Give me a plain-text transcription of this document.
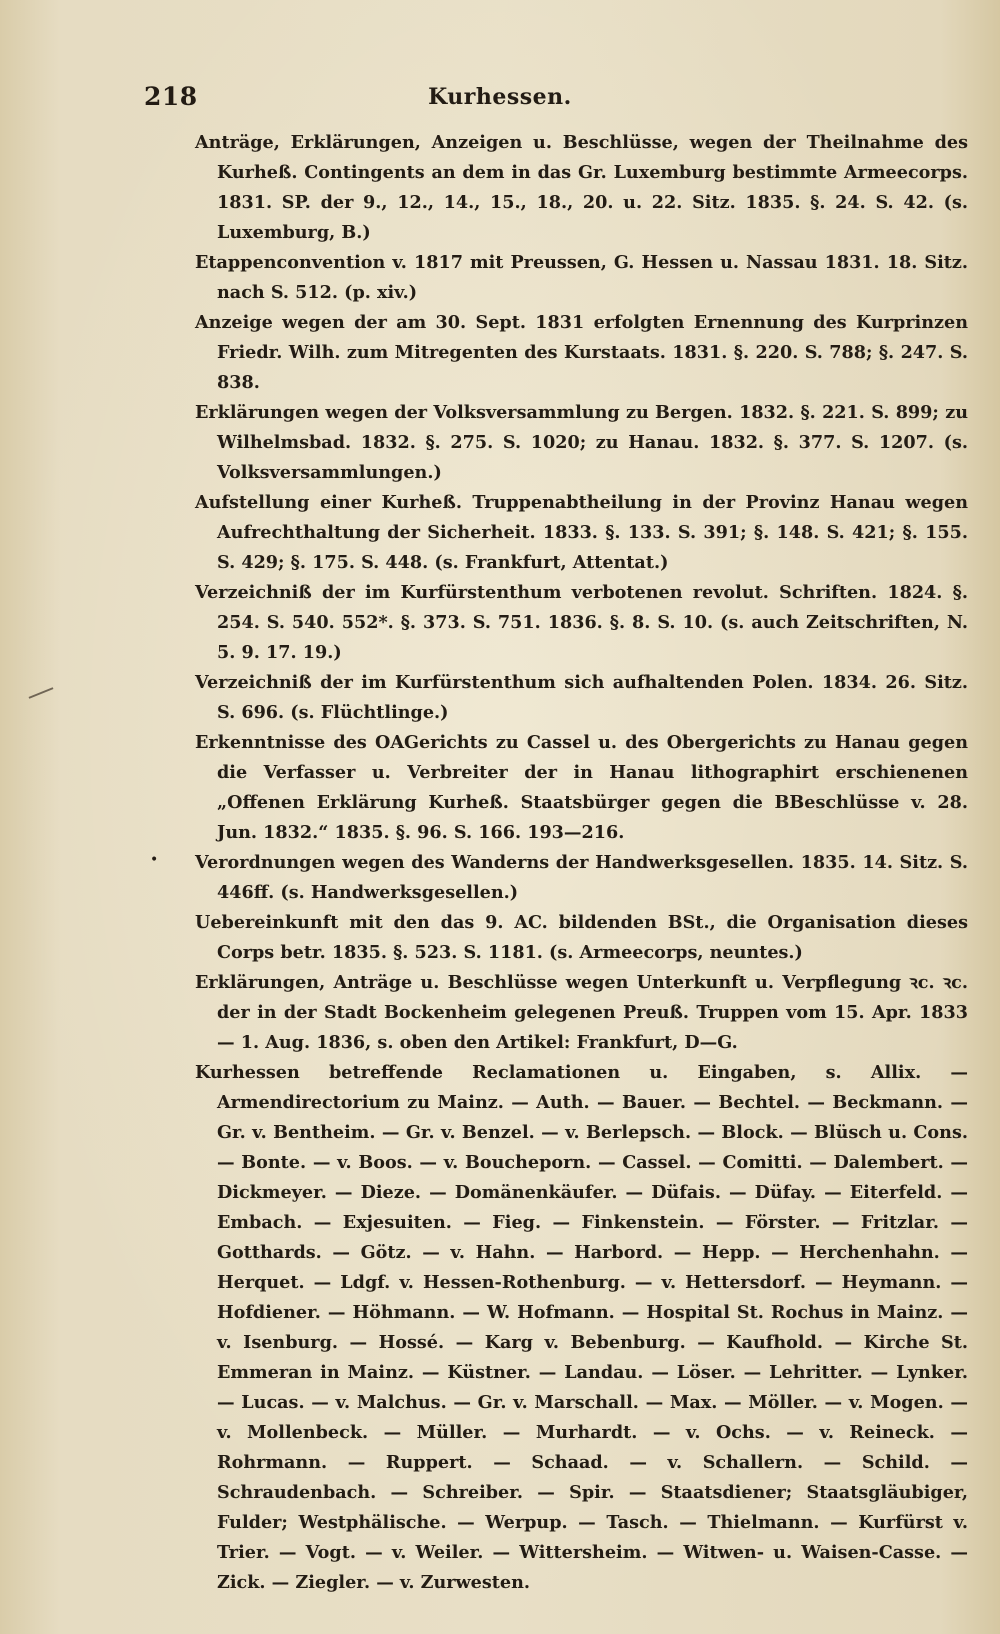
218	Kurhessen.
•

Anträge, Erklärungen, Anzeigen u. Beschlüsse, wegen der Theilnahme des Kurheß. Contingents an dem in das Gr. Luxemburg bestimmte Armeecorps. 1831. SP. der 9., 12., 14., 15., 18., 20. u. 22. Sitz. 1835. §. 24. S. 42. (s. Luxemburg, B.)

Etappenconvention v. 1817 mit Preussen, G. Hessen u. Nassau 1831. 18. Sitz. nach S. 512. (p. xiv.)

Anzeige wegen der am 30. Sept. 1831 erfolgten Ernennung des Kurprinzen Friedr. Wilh. zum Mitregenten des Kurstaats. 1831. §. 220. S. 788; §. 247. S. 838.

Erklärungen wegen der Volksversammlung zu Bergen. 1832. §. 221. S. 899; zu Wilhelmsbad. 1832. §. 275. S. 1020; zu Hanau. 1832. §. 377. S. 1207. (s. Volksversammlungen.)

Aufstellung einer Kurheß. Truppenabtheilung in der Provinz Hanau wegen Aufrechthaltung der Sicherheit. 1833. §. 133. S. 391; §. 148. S. 421; §. 155. S. 429; §. 175. S. 448. (s. Frankfurt, Attentat.)

Verzeichniß der im Kurfürstenthum verbotenen revolut. Schriften. 1824. §. 254. S. 540. 552*. §. 373. S. 751. 1836. §. 8. S. 10. (s. auch Zeitschriften, N. 5. 9. 17. 19.)

Verzeichniß der im Kurfürstenthum sich aufhaltenden Polen. 1834. 26. Sitz. S. 696. (s. Flüchtlinge.)

Erkenntnisse des OAGerichts zu Cassel u. des Obergerichts zu Hanau gegen die Verfasser u. Verbreiter der in Hanau lithographirt erschienenen „Offenen Erklärung Kurheß. Staatsbürger gegen die BBeschlüsse v. 28. Jun. 1832.“ 1835. §. 96. S. 166. 193—216.

Verordnungen wegen des Wanderns der Handwerksgesellen. 1835. 14. Sitz. S. 446ff. (s. Handwerksgesellen.)

Uebereinkunft mit den das 9. AC. bildenden BSt., die Organisation dieses Corps betr. 1835. §. 523. S. 1181. (s. Armeecorps, neuntes.)

Erklärungen, Anträge u. Beschlüsse wegen Unterkunft u. Verpflegung ꝛc. ꝛc. der in der Stadt Bockenheim gelegenen Preuß. Truppen vom 15. Apr. 1833 — 1. Aug. 1836, s. oben den Artikel: Frankfurt, D—G.

Kurhessen betreffende Reclamationen u. Eingaben, s. Allix. — Armendirectorium zu Mainz. — Auth. — Bauer. — Bechtel. — Beckmann. — Gr. v. Bentheim. — Gr. v. Benzel. — v. Berlepsch. — Block. — Blüsch u. Cons. — Bonte. — v. Boos. — v. Boucheporn. — Cassel. — Comitti. — Dalembert. — Dickmeyer. — Dieze. — Domänenkäufer. — Düfais. — Düfay. — Eiterfeld. — Embach. — Exjesuiten. — Fieg. — Finkenstein. — Förster. — Fritzlar. — Gotthards. — Götz. — v. Hahn. — Harbord. — Hepp. — Herchenhahn. — Herquet. — Ldgf. v. Hessen-Rothenburg. — v. Hettersdorf. — Heymann. — Hofdiener. — Höhmann. — W. Hofmann. — Hospital St. Rochus in Mainz. — v. Isenburg. — Hossé. — Karg v. Bebenburg. — Kaufhold. — Kirche St. Emmeran in Mainz. — Küstner. — Landau. — Löser. — Lehritter. — Lynker. — Lucas. — v. Malchus. — Gr. v. Marschall. — Max. — Möller. — v. Mogen. — v. Mollenbeck. — Müller. — Murhardt. — v. Ochs. — v. Reineck. — Rohrmann. — Ruppert. — Schaad. — v. Schallern. — Schild. — Schraudenbach. — Schreiber. — Spir. — Staatsdiener; Staatsgläubiger, Fulder; Westphälische. — Werpup. — Tasch. — Thielmann. — Kurfürst v. Trier. — Vogt. — v. Weiler. — Wittersheim. — Witwen- u. Waisen-Casse. — Zick. — Ziegler. — v. Zurwesten.
